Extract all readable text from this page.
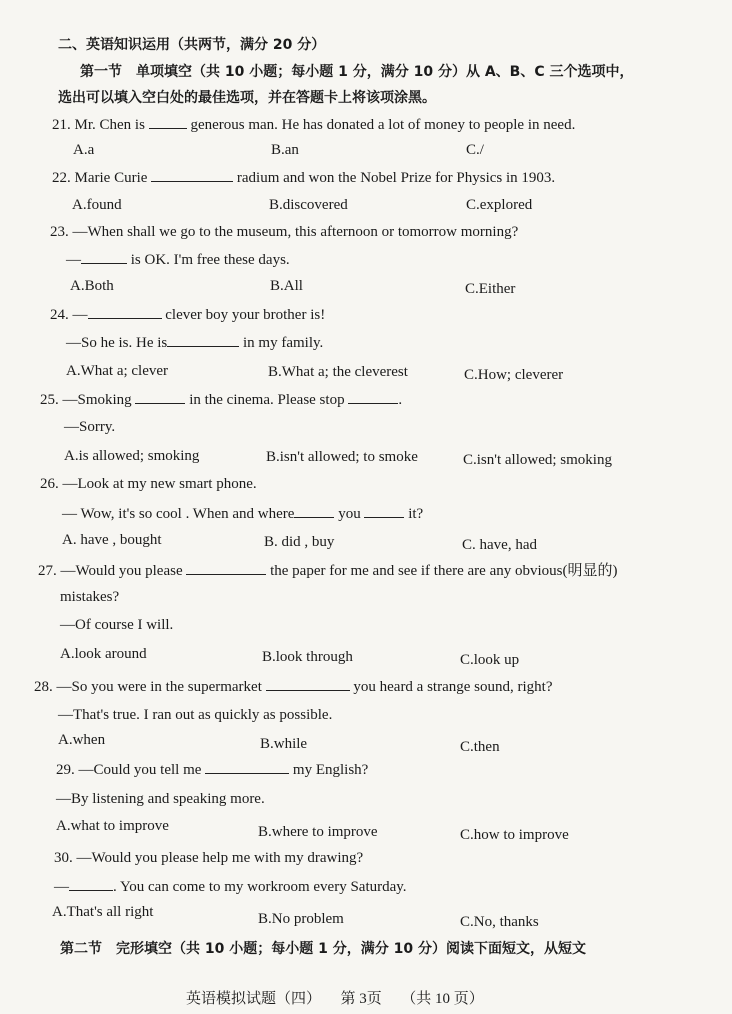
二、英语知识运用（共两节，满分 20 分）
第一节　单项填空（共 10 小题；每小题 1 分，满分 10 分）从 A、B、C 三个选项中，
选出可以填入空白处的最佳选项，并在答题卡上将该项涂黑。
21. Mr. Chen is	generous man. He has donated a lot of money to people in need.
A.a	B.an	C./
22. Marie Curie	radium and won the Nobel Prize for Physics in 1903.
A.found	B.discovered	C.explored
23. —When shall we go to the museum, this afternoon or tomorrow morning?
—	is OK. I'm free these days.
A.Both	B.All	C.Either
24. —	clever boy your brother is!
—So he is. He is	in my family.
A.What a; clever	B.What a; the cleverest	C.How; cleverer
25. —Smoking	in the cinema. Please stop	.
—Sorry.
A.is allowed; smoking	B.isn't allowed; to smoke	C.isn't allowed; smoking
26. —Look at my new smart phone.
— Wow, it's so cool . When and where	you	it?
A. have , bought	B. did , buy	C. have, had
27. —Would you please	the paper for me and see if there are any obvious(明显的)
mistakes?
—Of course I will.
A.look around	B.look through	C.look up
28. —So you were in the supermarket	you heard a strange sound, right?
—That's true. I ran out as quickly as possible.
A.when	B.while	C.then
29. —Could you tell me	my English?
—By listening and speaking more.
A.what to improve	B.where to improve	C.how to improve
30. —Would you please help me with my drawing?
—	. You can come to my workroom every Saturday.
A.That's all right	B.No problem	C.No, thanks
第二节　完形填空（共 10 小题；每小题 1 分，满分 10 分）阅读下面短文，从短文
英语模拟试题（四） 第 3页 （共 10 页）
